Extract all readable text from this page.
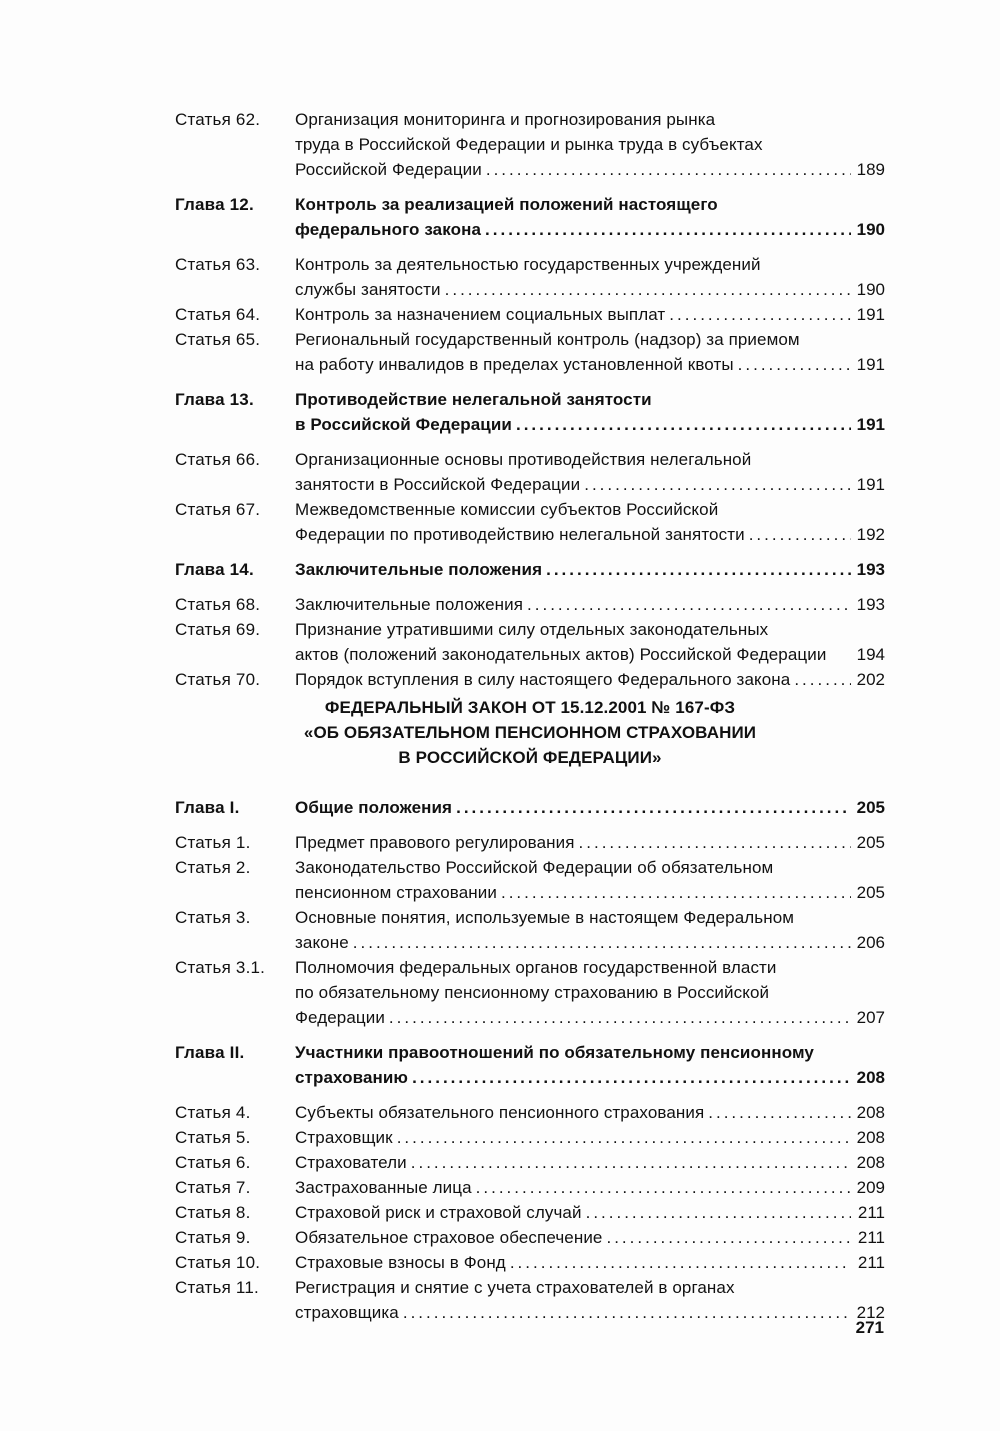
Статья 62.	Организация мониторинга и прогнозирования рынка
труда в Российской Федерации и рынка труда в субъектах
Российской Федерации .....	189
Глава 12.	Контроль за реализацией положений настоящего
федерального закона .....	190
Статья 63.	Контроль за деятельностью государственных учреждений
службы занятости .....	190
Статья 64.	Контроль за назначением социальных выплат .....	191
Статья 65.	Региональный государственный контроль (надзор) за приемом
на работу инвалидов в пределах установленной квоты .....	191
Глава 13.	Противодействие нелегальной занятости
в Российской Федерации .....	191
Статья 66.	Организационные основы противодействия нелегальной
занятости в Российской Федерации .....	191
Статья 67.	Межведомственные комиссии субъектов Российской
Федерации по противодействию нелегальной занятости .....	192
Глава 14.	Заключительные положения .....	193
Статья 68.	Заключительные положения .....	193
Статья 69.	Признание утратившими силу отдельных законодательных
актов (положений законодательных актов) Российской Федерации 194
Статья 70.	Порядок вступления в силу настоящего Федерального закона .....	202
ФЕДЕРАЛЬНЫЙ ЗАКОН ОТ 15.12.2001 № 167-ФЗ
«ОБ ОБЯЗАТЕЛЬНОМ ПЕНСИОННОМ СТРАХОВАНИИ
В РОССИЙСКОЙ ФЕДЕРАЦИИ»
Глава I.	Общие положения .....	205
Статья 1.	Предмет правового регулирования .....	205
Статья 2.	Законодательство Российской Федерации об обязательном
пенсионном страховании .....	205
Статья 3.	Основные понятия, используемые в настоящем Федеральном
законе .....	206
Статья 3.1.	Полномочия федеральных органов государственной власти
по обязательному пенсионному страхованию в Российской
Федерации .....	207
Глава II.	Участники правоотношений по обязательному пенсионному
страхованию .....	208
Статья 4.	Субъекты обязательного пенсионного страхования .....	208
Статья 5.	Страховщик .....	208
Статья 6.	Страхователи .....	208
Статья 7.	Застрахованные лица .....	209
Статья 8.	Страховой риск и страховой случай .....	211
Статья 9.	Обязательное страховое обеспечение .....	211
Статья 10.	Страховые взносы в Фонд .....	211
Статья 11.	Регистрация и снятие с учета страхователей в органах
страховщика .....	212
271
